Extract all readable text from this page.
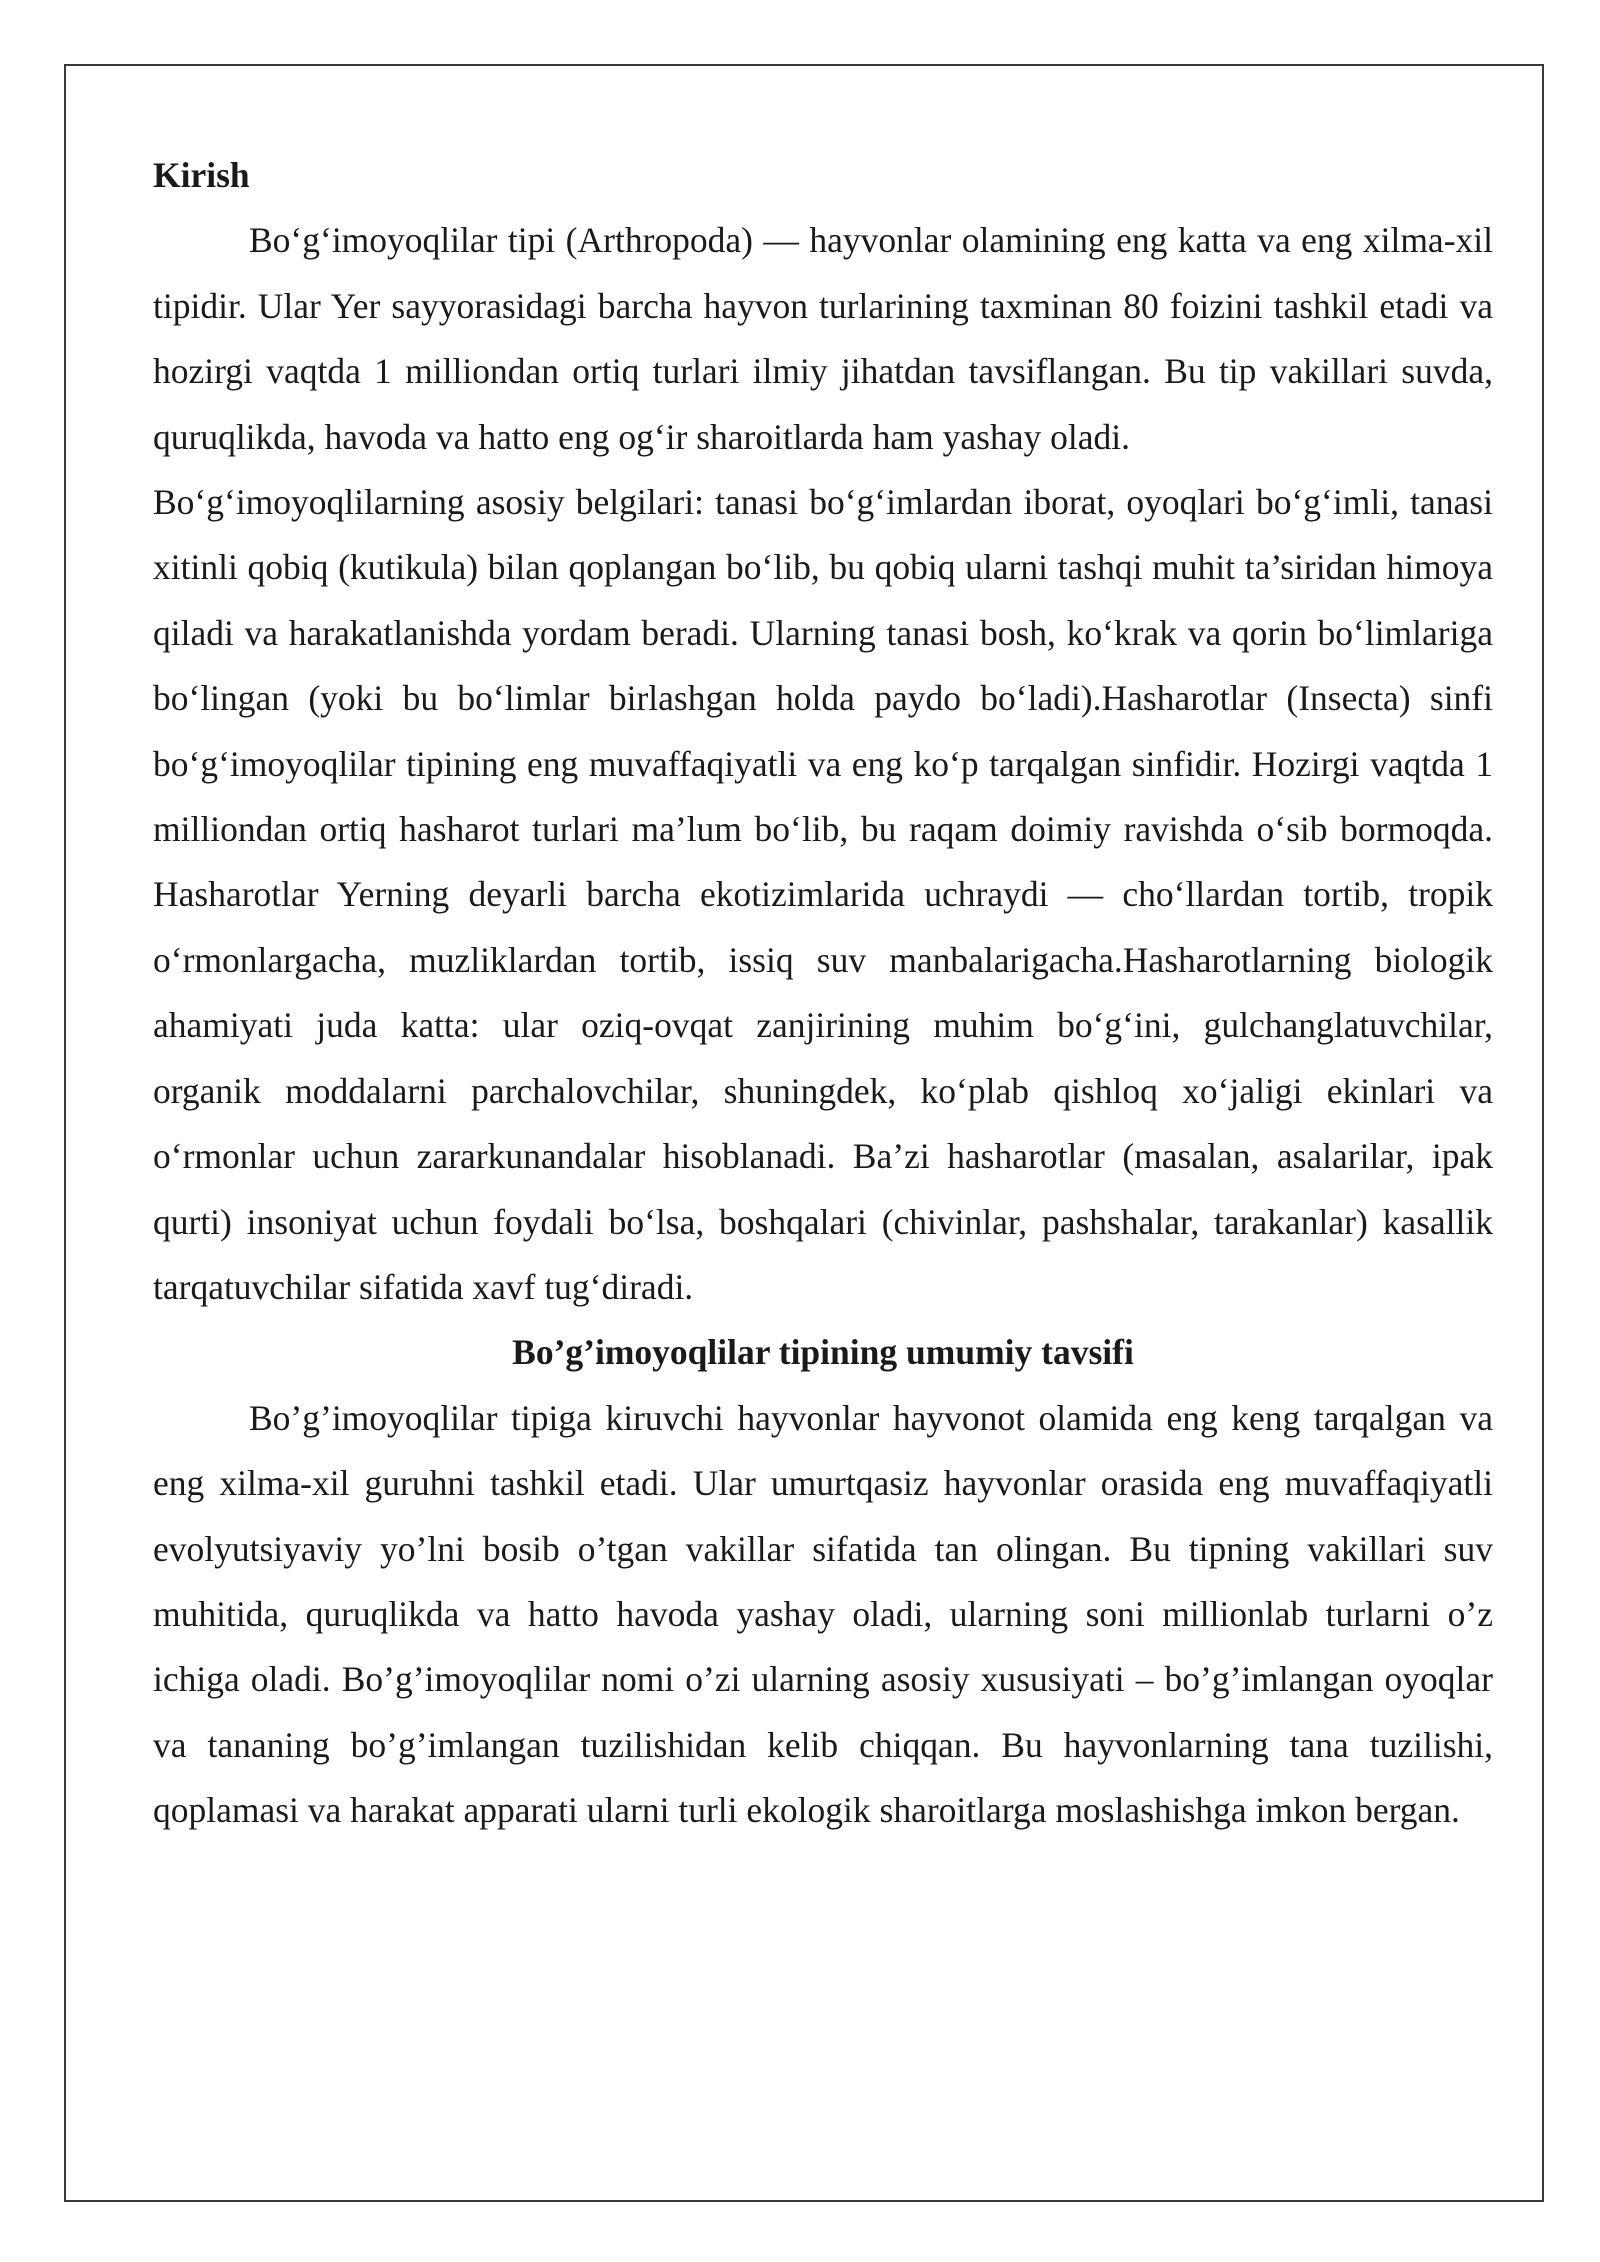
Kirish

Bo‘g‘imoyoqlilar tipi (Arthropoda) — hayvonlar olamining eng katta va eng xilma-xil tipidir. Ular Yer sayyorasidagi barcha hayvon turlarining taxminan 80 foizini tashkil etadi va hozirgi vaqtda 1 milliondan ortiq turlari ilmiy jihatdan tavsiflangan. Bu tip vakillari suvda, quruqlikda, havoda va hatto eng og‘ir sharoitlarda ham yashay oladi.

Bo‘g‘imoyoqlilarning asosiy belgilari: tanasi bo‘g‘imlardan iborat, oyoqlari bo‘g‘imli, tanasi xitinli qobiq (kutikula) bilan qoplangan bo‘lib, bu qobiq ularni tashqi muhit ta’siridan himoya qiladi va harakatlanishda yordam beradi. Ularning tanasi bosh, ko‘krak va qorin bo‘limlariga bo‘lingan (yoki bu bo‘limlar birlashgan holda paydo bo‘ladi).Hasharotlar (Insecta) sinfi bo‘g‘imoyoqlilar tipining eng muvaffaqiyatli va eng ko‘p tarqalgan sinfidir. Hozirgi vaqtda 1 milliondan ortiq hasharot turlari ma’lum bo‘lib, bu raqam doimiy ravishda o‘sib bormoqda. Hasharotlar Yerning deyarli barcha ekotizimlarida uchraydi — cho‘llardan tortib, tropik o‘rmonlargacha, muzliklardan tortib, issiq suv manbalarigacha.Hasharotlarning biologik ahamiyati juda katta: ular oziq-ovqat zanjirining muhim bo‘g‘ini, gulchanglatuvchilar, organik moddalarni parchalovchilar, shuningdek, ko‘plab qishloq xo‘jaligi ekinlari va o‘rmonlar uchun zararkunandalar hisoblanadi. Ba’zi hasharotlar (masalan, asalarilar, ipak qurti) insoniyat uchun foydali bo‘lsa, boshqalari (chivinlar, pashshalar, tarakanlar) kasallik tarqatuvchilar sifatida xavf tug‘diradi.

Bo’g’imoyoqlilar tipining umumiy tavsifi

Bo’g’imoyoqlilar tipiga kiruvchi hayvonlar hayvonot olamida eng keng tarqalgan va eng xilma-xil guruhni tashkil etadi. Ular umurtqasiz hayvonlar orasida eng muvaffaqiyatli evolyutsiyaviy yo’lni bosib o’tgan vakillar sifatida tan olingan. Bu tipning vakillari suv muhitida, quruqlikda va hatto havoda yashay oladi, ularning soni millionlab turlarni o’z ichiga oladi. Bo’g’imoyoqlilar nomi o’zi ularning asosiy xususiyati – bo’g’imlangan oyoqlar va tananing bo’g’imlangan tuzilishidan kelib chiqqan. Bu hayvonlarning tana tuzilishi, qoplamasi va harakat apparati ularni turli ekologik sharoitlarga moslashishga imkon bergan.
